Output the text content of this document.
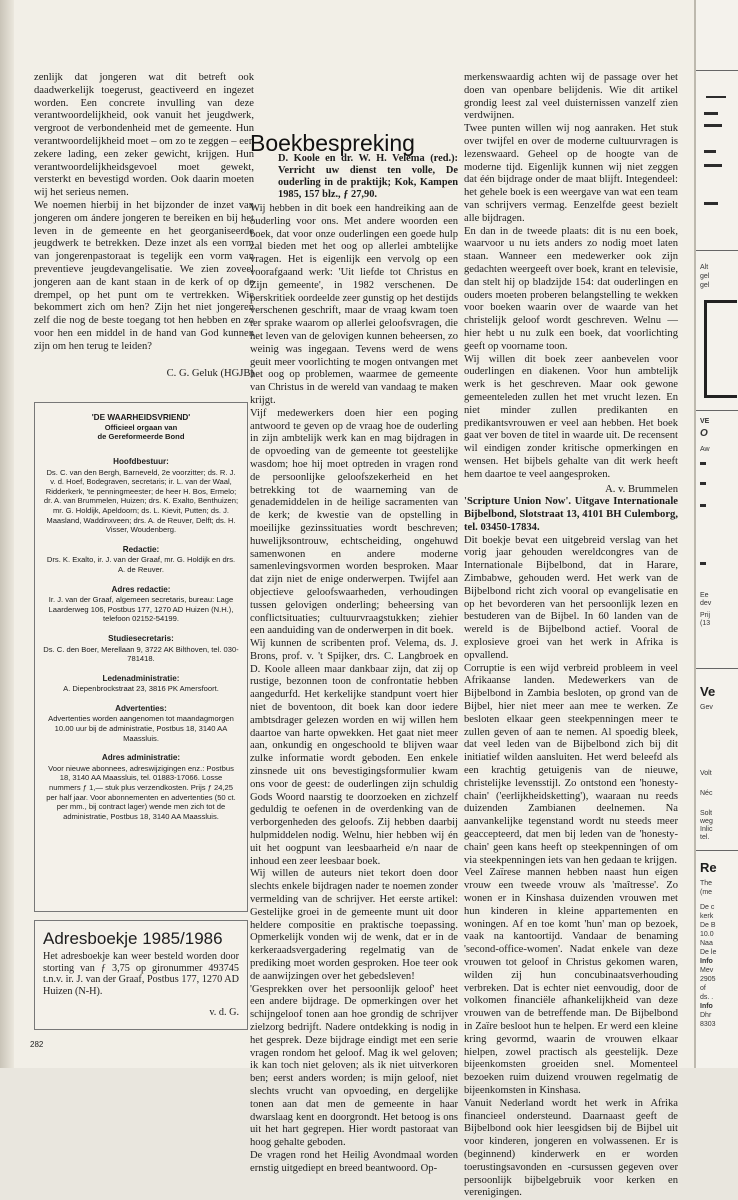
zenlijk dat jongeren wat dit betreft ook daadwerkelijk toegerust, geactiveerd en ingezet worden. Een concrete invulling van deze verantwoordelijkheid, ook vanuit het jeugdwerk, vergroot de verbondenheid met de gemeente. Hun verantwoordelijkheid moet – om zo te zeggen – een zekere lading, een zeker gewicht, krijgen. Hun verantwoordelijkheidsgevoel moet gewekt, versterkt en bevestigd worden. Ook daarin moeten wij het serieus nemen.

We noemen hierbij in het bijzonder de inzet van jongeren om ándere jongeren te bereiken en bij het leven in de gemeente en het georganiseerde jeugdwerk te betrekken. Deze inzet als een vorm van jongerenpastoraat is tegelijk een vorm van preventieve jeugdevangelisatie. We zien zoveel jongeren aan de kant staan in de kerk of op de drempel, op het punt om te vertrekken. Wie bekommert zich om hen? Zijn het niet jongeren zelf die nog de beste toegang tot hen hebben en zo voor hen een middel in de hand van God kunnen zijn om hen terug te leiden?

C. G. Geluk (HGJB)
'DE WAARHEIDSVRIEND'
Officieel orgaan van
de Gereformeerde Bond
Hoofdbestuur:
Ds. C. van den Bergh, Barneveld, 2e voorzitter; ds. R. J. v. d. Hoef, Bodegraven, secretaris; ir. L. van der Waal, Ridderkerk, 'te penningmeester; de heer H. Bos, Ermelo; dr. A. van Brummelen, Huizen; drs. K. Exalto, Benthuizen; mr. G. Holdijk, Apeldoorn; ds. L. Kievit, Putten; ds. J. Maasland, Waddinxveen; drs. A. de Reuver, Delft; ds. H. Visser, Woudenberg.
Redactie:
Drs. K. Exalto, ir. J. van der Graaf, mr. G. Holdijk en drs. A. de Reuver.
Adres redactie:
Ir. J. van der Graaf, algemeen secretaris, bureau: Lage Laarderweg 106, Postbus 177, 1270 AD Huizen (N.H.), telefoon 02152-54199.
Studiesecretaris:
Ds. C. den Boer, Merellaan 9, 3722 AK Bilthoven, tel. 030-781418.
Ledenadministratie:
A. Diepenbrockstraat 23, 3816 PK Amersfoort.
Advertenties:
Advertenties worden aangenomen tot maandagmorgen 10.00 uur bij de administratie, Postbus 18, 3140 AA Maassluis.
Adres administratie:
Voor nieuwe abonnees, adreswijzigingen enz.: Postbus 18, 3140 AA Maassluis, tel. 01883-17066. Losse nummers ƒ 1,— stuk plus verzendkosten. Prijs ƒ 24,25 per half jaar. Voor abonnementen en advertenties (50 ct. per mm., bij contract lager) wende men zich tot de administratie, Postbus 18, 3140 AA Maassluis.
Adresboekje 1985/1986
Het adresboekje kan weer besteld worden door storting van ƒ 3,75 op gironummer 493745 t.n.v. ir. J. van der Graaf, Postbus 177, 1270 AD Huizen (N-H).
v. d. G.
282
Boekbespreking
D. Koole en dr. W. H. Velema (red.): Verricht uw dienst ten volle, De ouderling in de praktijk; Kok, Kampen 1985, 157 blz., ƒ 27,90.

Wij hebben in dit boek een handreiking aan de ouderling voor ons. Met andere woorden een boek, dat voor onze ouderlingen een goede hulp zal bieden met het oog op allerlei ambtelijke vragen. Het is eigenlijk een vervolg op een voorafgaand werk: 'Uit liefde tot Christus en Zijn gemeente', in 1982 verschenen. De perskritiek oordeelde zeer gunstig op het destijds verschenen geschrift, maar de vraag kwam toen ter sprake waarom op allerlei geloofsvragen, die het leven van de gelovigen kunnen beheersen, zo weinig was ingegaan. Tevens werd de wens geuit meer voorlichting te mogen ontvangen met het oog op problemen, waarmee de gemeente van Christus in de wereld van vandaag te maken krijgt.

Vijf medewerkers doen hier een poging antwoord te geven op de vraag hoe de ouderling in zijn ambtelijk werk kan en mag bijdragen in de opvoeding van de gemeente tot geestelijke wasdom; hoe hij moet optreden in vragen rond de persoonlijke geloofszekerheid en het betrekking tot de waarneming van de genademiddelen in de heilige sacramenten van de kerk; de kwestie van de opstelling in moeilijke gezinssituaties wordt beschreven; huwelijksontrouw, echtscheiding, ongehuwd samenwonen en andere moderne samenlevingsvormen worden besproken. Maar dat zijn niet de enige onderwerpen. Twijfel aan objectieve geloofswaarheden, verhoudingen tussen gelovigen onderling; beheersing van conflictsituaties; cultuurvraagstukken; ziehier een aanduiding van de onderwerpen in dit boek.

Wij kunnen de scribenten prof. Velema, ds. J. Brons, prof. v. 't Spijker, drs. C. Langbroek en D. Koole alleen maar dankbaar zijn, dat zij op rustige, bezonnen toon de confrontatie hebben aangedurfd. Het kerkelijke standpunt voert hier niet de boventoon, dit boek kan door iedere ambtsdrager gelezen worden en wij willen hem daartoe van harte opwekken. Het gaat niet meer aan, onkundig en ongeschoold te blijven waar zulke informatie wordt geboden. Een enkele zinsnede uit ons bevestigingsformulier kwam ons voor de geest: de ouderlingen zijn schuldig Gods Woord naarstig te doorzoeken en zichzelf geduldig te oefenen in de overdenking van de verborgenheden des geloofs. Zij hebben daarbij hulpmiddelen nodig. Welnu, hier hebben wij én uit het oogpunt van leesbaarheid e/n naar de inhoud een zeer leesbaar boek.

Wij willen de auteurs niet tekort doen door slechts enkele bijdragen nader te noemen zonder vermelding van de schrijver. Het eerste artikel: Gestelijke groei in de gemeente munt uit door heldere compositie en praktische toepassing. Opmerkelijk vonden wij de wenk, dat er in de kerkeraadsvergadering regelmatig van de prediking moet worden gesproken. Hoe teer ook de aanwijzingen over het gebedsleven!

'Gesprekken over het persoonlijk geloof' heet een andere bijdrage. De opmerkingen over het schijngeloof tonen aan hoe grondig de schrijver zielzorg bedrijft. Nadere ontdekking is nodig in het gesprek. Deze bijdrage eindigt met een serie vragen rondom het geloof. Mag ik wel geloven; ik kan toch niet geloven; als ik niet uitverkoren ben; eerst anders worden; is mijn geloof, niet slechts vrucht van opvoeding, en dergelijke tonen aan dat men de gemeente in haar dwarslaag kent en doorgrondt. Het betoog is ons uit het hart gegrepen. Hier wordt pastoraat van hoog gehalte geboden.

De vragen rond het Heilig Avondmaal worden ernstig uitgediept en breed beantwoord. Op-

merkenswaardig achten wij de passage over het doen van openbare belijdenis. Wie dit artikel grondig leest zal veel duisternissen vanzelf zien verdwijnen.

Twee punten willen wij nog aanraken. Het stuk over twijfel en over de moderne cultuurvragen is lezenswaard. Geheel op de hoogte van de moderne tijd. Eigenlijk kunnen wij niet zeggen dat één bijdrage onder de maat blijft. Integendeel: het gehele boek is een weergave van wat een team van schrijvers vermag. Eenzelfde geest bezielt alle bijdragen.

En dan in de tweede plaats: dit is nu een boek, waarvoor u nu iets anders zo nodig moet laten staan. Wanneer een medewerker ook zijn gedachten weergeeft over boek, krant en televisie, dan stelt hij op bladzijde 154: dat ouderlingen en ouders moeten proberen belangstelling te wekken voor boeken waarin over de waarde van het christelijk geloof wordt geschreven. Welnu — hier hebt u nu zulk een boek, dat voorlichting geeft op voorname toon.

Wij willen dit boek zeer aanbevelen voor ouderlingen en diakenen. Voor hun ambtelijk werk is het geschreven. Maar ook gewone gemeenteleden zullen het met vrucht lezen. En niet minder zullen predikanten en predikantsvrouwen er veel aan hebben. Het boek gaat ver boven de titel in waarde uit. De recensent wil eindigen zonder kritische opmerkingen en wensen. Het bijbels gehalte van dit werk heeft hem daartoe te veel aangesproken.

A. v. Brummelen

'Scripture Union Now'. Uitgave Internationale Bijbelbond, Slotstraat 13, 4101 BH Culemborg, tel. 03450-17834.

Dit boekje bevat een uitgebreid verslag van het vorig jaar gehouden wereldcongres van de Internationale Bijbelbond, dat in Harare, Zimbabwe, gehouden werd. Het werk van de Bijbelbond richt zich vooral op evangelisatie en op het bevorderen van het persoonlijk lezen en bestuderen van de Bijbel. In 60 landen van de wereld is de Bijbelbond actief. Vooral de explosieve groei van het werk in Afrika is opvallend.

Corruptie is een wijd verbreid probleem in veel Afrikaanse landen. Medewerkers van de Bijbelbond in Zambia besloten, op grond van de Bijbel, hier niet meer aan mee te werken. Ze besloten elkaar geen steekpenningen meer te zullen geven of aan te nemen. Al spoedig bleek, dat veel leden van de Bijbelbond zich bij dit initiatief wilden aansluiten. Het werd beleefd als een krachtig getuigenis van de nieuwe, christelijke levensstijl. Zo ontstond een 'honesty-chain' ('eerlijkheidsketting'), waaraan nu reeds duizenden Zambianen deelnemen. Na aanvankelijke tegenstand wordt nu steeds meer geaccepteerd, dat men bij leden van de 'honesty-chain' geen kans heeft op steekpenningen of om via steekpenningen iets van hen gedaan te krijgen.

Veel Zaïrese mannen hebben naast hun eigen vrouw een tweede vrouw als 'maîtresse'. Zo wonen er in Kinshasa duizenden vrouwen met hun kinderen in kleine appartementen en woningen. Af en toe komt 'hun' man op bezoek, vaak na kantoortijd. Vandaar de benaming 'second-office-women'. Nadat enkele van deze vrouwen tot geloof in Christus gekomen waren, wilden zij hun concubinaatsverhouding verbreken. Dat is echter niet eenvoudig, door de volkomen financiële afhankelijkheid van deze vrouwen van de betreffende man. De Bijbelbond in Zaïre besloot hun te helpen. Er werd een kleine kring gevormd, waarin de vrouwen elkaar hielpen, zowel practisch als geestelijk. Deze bijeenkomsten groeiden snel. Momenteel bezoeken ruim duizend vrouwen regelmatig de bijeenkomsten in Kinshasa.

Vanuit Nederland wordt het werk in Afrika financieel ondersteund. Daarnaast geeft de Bijbelbond ook hier leesgidsen bij de Bijbel uit voor kinderen, jongeren en volwassenen. Er is (beginnend) kinderwerk en er worden toerustingsavonden en -cursussen gegeven over persoonlijk bijbelgebruik voor kerken en verenigingen.

Alt
gel
gel
VE
O
Aw
Ee
dev
Prij
(13
Ve
Gev
Volt
Néc
Solt
weg
Inlic
tel.
Re
The
(me
De c
kerk
De B
10.0
Naa
De le
Info
Mev
2905
of
ds. .
Info
Dhr
8303
